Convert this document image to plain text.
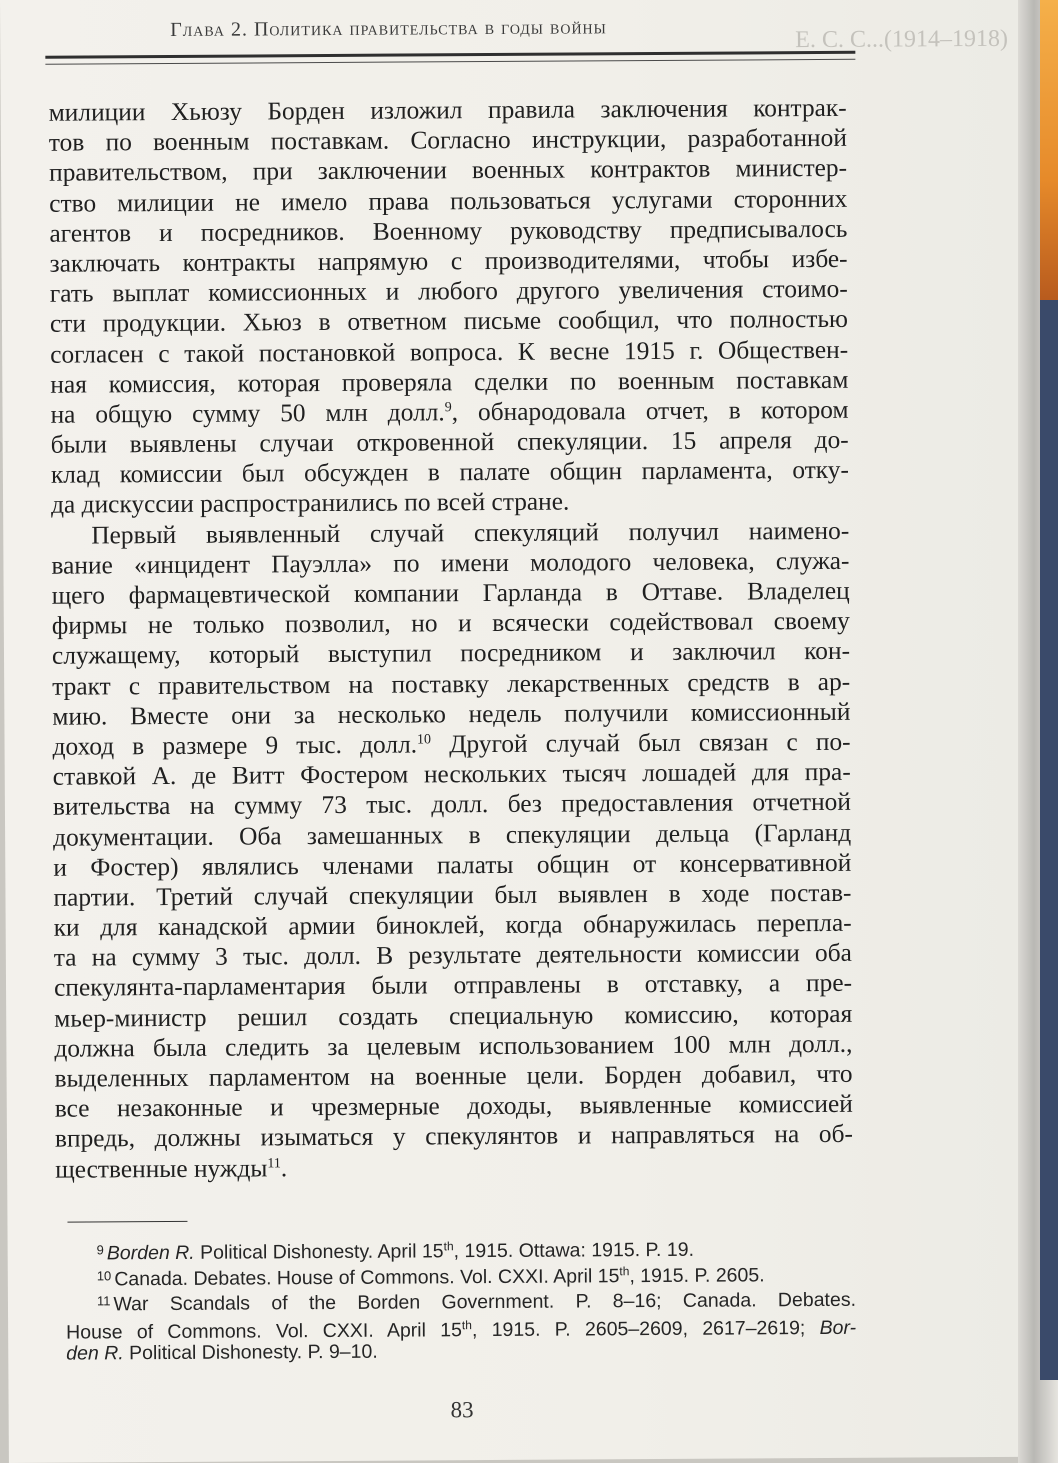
Е. С. С...(1914–1918)
Глава 2. Политика правительства в годы войны
милиции Хьюзу Борден изложил правила заключения контрак-
тов по военным поставкам. Согласно инструкции, разработанной
правительством, при заключении военных контрактов министер-
ство милиции не имело права пользоваться услугами сторонних
агентов и посредников. Военному руководству предписывалось
заключать контракты напрямую с производителями, чтобы избе-
гать выплат комиссионных и любого другого увеличения стоимо-
сти продукции. Хьюз в ответном письме сообщил, что полностью
согласен с такой постановкой вопроса. К весне 1915 г. Обществен-
ная комиссия, которая проверяла сделки по военным поставкам
на общую сумму 50 млн долл.$^9$, обнародовала отчет, в котором
были выявлены случаи откровенной спекуляции. 15 апреля до-
клад комиссии был обсужден в палате общин парламента, отку-
да дискуссии распространились по всей стране.
Первый выявленный случай спекуляций получил наимено-
вание «инцидент Пауэлла» по имени молодого человека, служа-
щего фармацевтической компании Гарланда в Оттаве. Владелец
фирмы не только позволил, но и всячески содействовал своему
служащему, который выступил посредником и заключил кон-
тракт с правительством на поставку лекарственных средств в ар-
мию. Вместе они за несколько недель получили комиссионный
доход в размере 9 тыс. долл.$^{10}$ Другой случай был связан с по-
ставкой А. де Витт Фостером нескольких тысяч лошадей для пра-
вительства на сумму 73 тыс. долл. без предоставления отчетной
документации. Оба замешанных в спекуляции дельца (Гарланд
и Фостер) являлись членами палаты общин от консервативной
партии. Третий случай спекуляции был выявлен в ходе постав-
ки для канадской армии биноклей, когда обнаружилась перепла-
та на сумму 3 тыс. долл. В результате деятельности комиссии оба
спекулянта-парламентария были отправлены в отставку, а пре-
мьер-министр решил создать специальную комиссию, которая
должна была следить за целевым использованием 100 млн долл.,
выделенных парламентом на военные цели. Борден добавил, что
все незаконные и чрезмерные доходы, выявленные комиссией
впредь, должны изыматься у спекулянтов и направляться на об-
щественные нужды$^{11}$.
$^9$ Borden R. Political Dishonesty. April 15th, 1915. Ottawa: 1915. P. 19.
$^{10}$ Canada. Debates. House of Commons. Vol. CXXI. April 15th, 1915. P. 2605.
$^{11}$ War Scandals of the Borden Government. P. 8–16; Canada. Debates.
House of Commons. Vol. CXXI. April 15th, 1915. P. 2605–2609, 2617–2619; Bor-
den R. Political Dishonesty. P. 9–10.
83
